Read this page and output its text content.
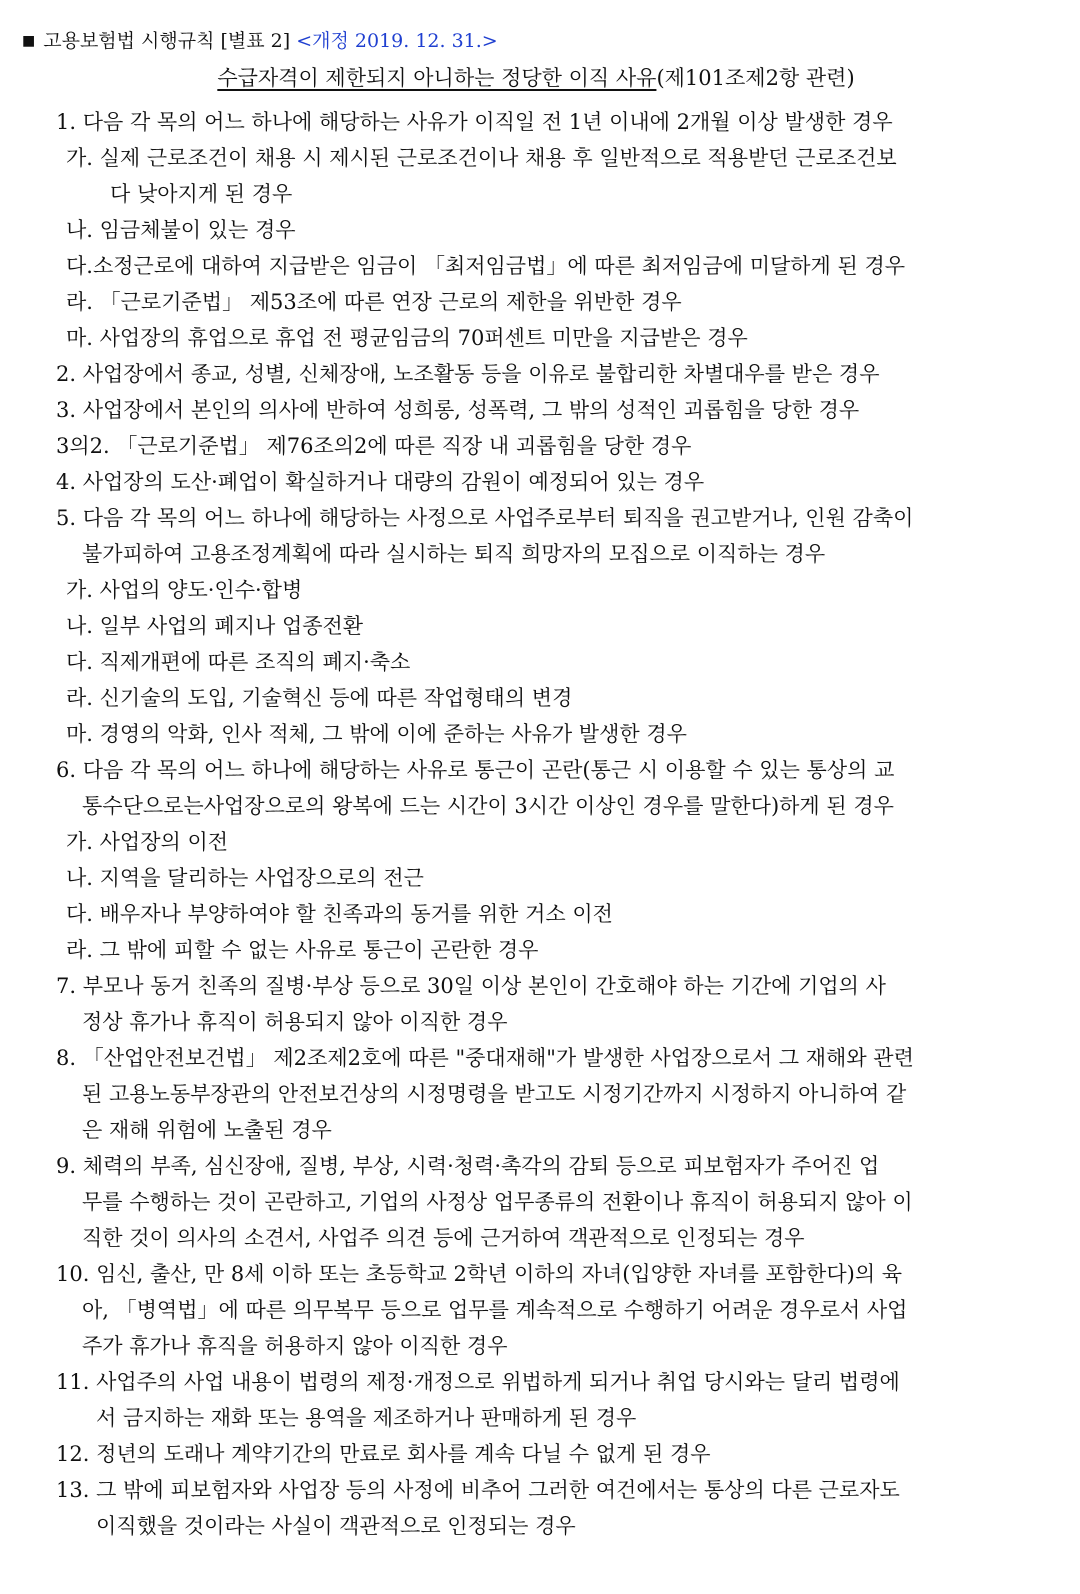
■ 고용보험법 시행규칙 [별표 2] <개정 2019. 12. 31.>
수급자격이 제한되지 아니하는 정당한 이직 사유(제101조제2항 관련)
1. 다음 각 목의 어느 하나에 해당하는 사유가 이직일 전 1년 이내에 2개월 이상 발생한 경우
가. 실제 근로조건이 채용 시 제시된 근로조건이나 채용 후 일반적으로 적용받던 근로조건보
다 낮아지게 된 경우
나. 임금체불이 있는 경우
다.소정근로에 대하여 지급받은 임금이 「최저임금법」에 따른 최저임금에 미달하게 된 경우
라. 「근로기준법」 제53조에 따른 연장 근로의 제한을 위반한 경우
마. 사업장의 휴업으로 휴업 전 평균임금의 70퍼센트 미만을 지급받은 경우
2. 사업장에서 종교, 성별, 신체장애, 노조활동 등을 이유로 불합리한 차별대우를 받은 경우
3. 사업장에서 본인의 의사에 반하여 성희롱, 성폭력, 그 밖의 성적인 괴롭힘을 당한 경우
3의2. 「근로기준법」 제76조의2에 따른 직장 내 괴롭힘을 당한 경우
4. 사업장의 도산·폐업이 확실하거나 대량의 감원이 예정되어 있는 경우
5. 다음 각 목의 어느 하나에 해당하는 사정으로 사업주로부터 퇴직을 권고받거나, 인원 감축이
불가피하여 고용조정계획에 따라 실시하는 퇴직 희망자의 모집으로 이직하는 경우
가. 사업의 양도·인수·합병
나. 일부 사업의 폐지나 업종전환
다. 직제개편에 따른 조직의 폐지·축소
라. 신기술의 도입, 기술혁신 등에 따른 작업형태의 변경
마. 경영의 악화, 인사 적체, 그 밖에 이에 준하는 사유가 발생한 경우
6. 다음 각 목의 어느 하나에 해당하는 사유로 통근이 곤란(통근 시 이용할 수 있는 통상의 교
통수단으로는사업장으로의 왕복에 드는 시간이 3시간 이상인 경우를 말한다)하게 된 경우
가. 사업장의 이전
나. 지역을 달리하는 사업장으로의 전근
다. 배우자나 부양하여야 할 친족과의 동거를 위한 거소 이전
라. 그 밖에 피할 수 없는 사유로 통근이 곤란한 경우
7. 부모나 동거 친족의 질병·부상 등으로 30일 이상 본인이 간호해야 하는 기간에 기업의 사
정상 휴가나 휴직이 허용되지 않아 이직한 경우
8. 「산업안전보건법」 제2조제2호에 따른 "중대재해"가 발생한 사업장으로서 그 재해와 관련
된 고용노동부장관의 안전보건상의 시정명령을 받고도 시정기간까지 시정하지 아니하여 같
은 재해 위험에 노출된 경우
9. 체력의 부족, 심신장애, 질병, 부상, 시력·청력·촉각의 감퇴 등으로 피보험자가 주어진 업
무를 수행하는 것이 곤란하고, 기업의 사정상 업무종류의 전환이나 휴직이 허용되지 않아 이
직한 것이 의사의 소견서, 사업주 의견 등에 근거하여 객관적으로 인정되는 경우
10. 임신, 출산, 만 8세 이하 또는 초등학교 2학년 이하의 자녀(입양한 자녀를 포함한다)의 육
아, 「병역법」에 따른 의무복무 등으로 업무를 계속적으로 수행하기 어려운 경우로서 사업
주가 휴가나 휴직을 허용하지 않아 이직한 경우
11. 사업주의 사업 내용이 법령의 제정·개정으로 위법하게 되거나 취업 당시와는 달리 법령에
서 금지하는 재화 또는 용역을 제조하거나 판매하게 된 경우
12. 정년의 도래나 계약기간의 만료로 회사를 계속 다닐 수 없게 된 경우
13. 그 밖에 피보험자와 사업장 등의 사정에 비추어 그러한 여건에서는 통상의 다른 근로자도
이직했을 것이라는 사실이 객관적으로 인정되는 경우
